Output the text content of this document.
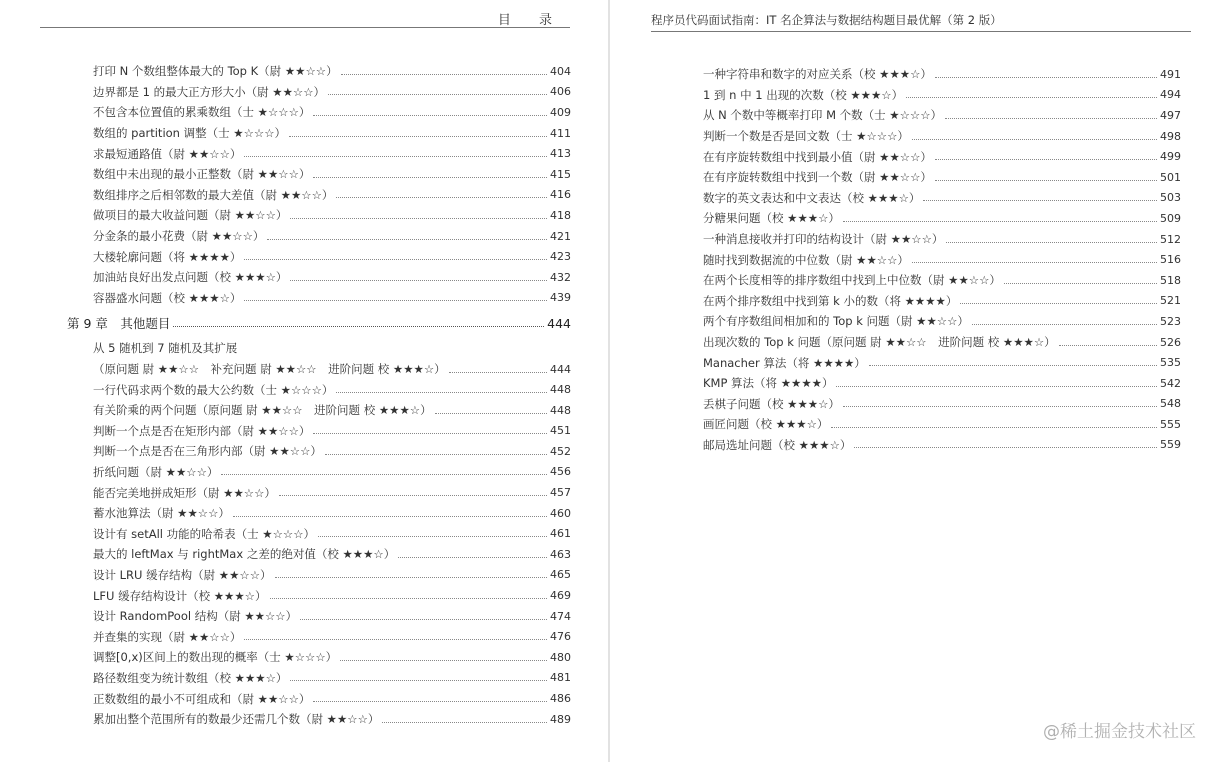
目 录
打印 N 个数组整体最大的 Top K（尉 ★★☆☆）	404
边界都是 1 的最大正方形大小（尉 ★★☆☆）	406
不包含本位置值的累乘数组（士 ★☆☆☆）	409
数组的 partition 调整（士 ★☆☆☆）	411
求最短通路值（尉 ★★☆☆）	413
数组中未出现的最小正整数（尉 ★★☆☆）	415
数组排序之后相邻数的最大差值（尉 ★★☆☆）	416
做项目的最大收益问题（尉 ★★☆☆）	418
分金条的最小花费（尉 ★★☆☆）	421
大楼轮廓问题（将 ★★★★）	423
加油站良好出发点问题（校 ★★★☆）	432
容器盛水问题（校 ★★★☆）	439
第 9 章　其他题目	444
从 5 随机到 7 随机及其扩展
（原问题 尉 ★★☆☆　补充问题 尉 ★★☆☆　进阶问题 校 ★★★☆）	444
一行代码求两个数的最大公约数（士 ★☆☆☆）	448
有关阶乘的两个问题（原问题 尉 ★★☆☆　进阶问题 校 ★★★☆）	448
判断一个点是否在矩形内部（尉 ★★☆☆）	451
判断一个点是否在三角形内部（尉 ★★☆☆）	452
折纸问题（尉 ★★☆☆）	456
能否完美地拼成矩形（尉 ★★☆☆）	457
蓄水池算法（尉 ★★☆☆）	460
设计有 setAll 功能的哈希表（士 ★☆☆☆）	461
最大的 leftMax 与 rightMax 之差的绝对值（校 ★★★☆）	463
设计 LRU 缓存结构（尉 ★★☆☆）	465
LFU 缓存结构设计（校 ★★★☆）	469
设计 RandomPool 结构（尉 ★★☆☆）	474
并查集的实现（尉 ★★☆☆）	476
调整[0,x)区间上的数出现的概率（士 ★☆☆☆）	480
路径数组变为统计数组（校 ★★★☆）	481
正数数组的最小不可组成和（尉 ★★☆☆）	486
累加出整个范围所有的数最少还需几个数（尉 ★★☆☆）	489
程序员代码面试指南：IT 名企算法与数据结构题目最优解（第 2 版）
一种字符串和数字的对应关系（校 ★★★☆）	491
1 到 n 中 1 出现的次数（校 ★★★☆）	494
从 N 个数中等概率打印 M 个数（士 ★☆☆☆）	497
判断一个数是否是回文数（士 ★☆☆☆）	498
在有序旋转数组中找到最小值（尉 ★★☆☆）	499
在有序旋转数组中找到一个数（尉 ★★☆☆）	501
数字的英文表达和中文表达（校 ★★★☆）	503
分糖果问题（校 ★★★☆）	509
一种消息接收并打印的结构设计（尉 ★★☆☆）	512
随时找到数据流的中位数（尉 ★★☆☆）	516
在两个长度相等的排序数组中找到上中位数（尉 ★★☆☆）	518
在两个排序数组中找到第 k 小的数（将 ★★★★）	521
两个有序数组间相加和的 Top k 问题（尉 ★★☆☆）	523
出现次数的 Top k 问题（原问题 尉 ★★☆☆　进阶问题 校 ★★★☆）	526
Manacher 算法（将 ★★★★）	535
KMP 算法（将 ★★★★）	542
丢棋子问题（校 ★★★☆）	548
画匠问题（校 ★★★☆）	555
邮局选址问题（校 ★★★☆）	559
@稀土掘金技术社区
